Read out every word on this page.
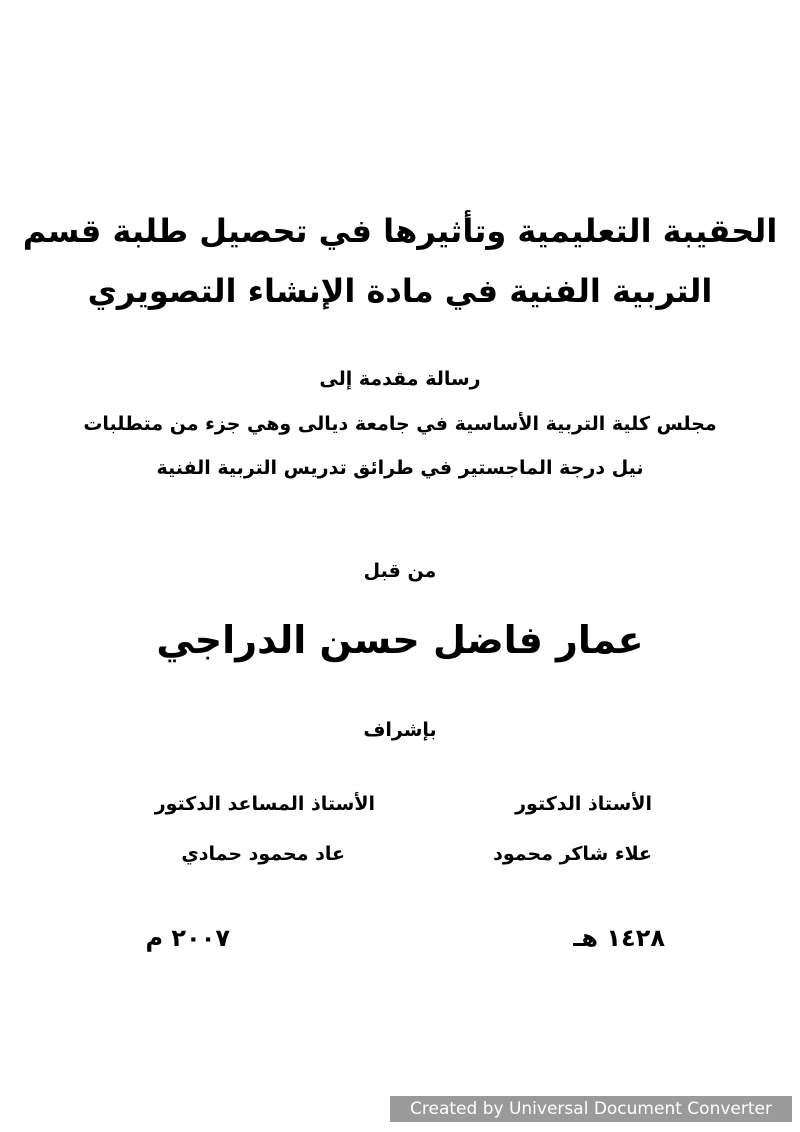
الحقيبة التعليمية وتأثيرها في تحصيل طلبة قسم
التربية الفنية في مادة الإنشاء التصويري
رسالة مقدمة إلى
مجلس كلية التربية الأساسية في جامعة ديالى وهي جزء من متطلبات
نيل درجة الماجستير في طرائق تدريس التربية الفنية
من قبل
عمار فاضل حسن الدراجي
بإشراف
الأستاذ الدكتور
علاء شاكر محمود
الأستاذ المساعد الدكتور
عاد محمود حمادي
١٤٢٨ هـ
٢٠٠٧ م
Created by Universal Document Converter
